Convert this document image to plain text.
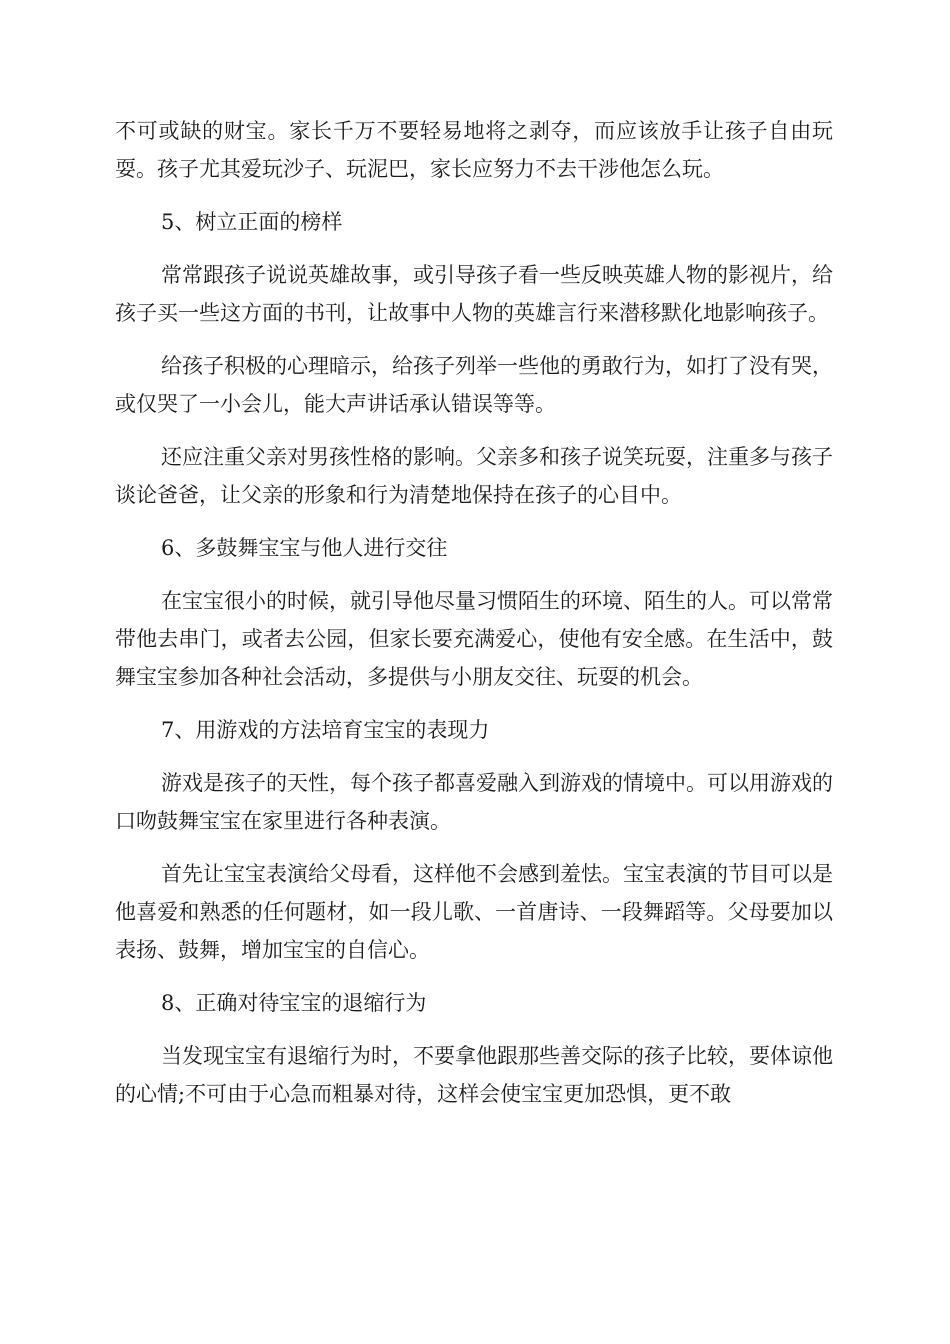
不可或缺的财宝。家长千万不要轻易地将之剥夺，而应该放手让孩子自由玩耍。孩子尤其爱玩沙子、玩泥巴，家长应努力不去干涉他怎么玩。

5、树立正面的榜样

常常跟孩子说说英雄故事，或引导孩子看一些反映英雄人物的影视片，给孩子买一些这方面的书刊，让故事中人物的英雄言行来潜移默化地影响孩子。

给孩子积极的心理暗示，给孩子列举一些他的勇敢行为，如打了没有哭，或仅哭了一小会儿，能大声讲话承认错误等等。

还应注重父亲对男孩性格的影响。父亲多和孩子说笑玩耍，注重多与孩子谈论爸爸，让父亲的形象和行为清楚地保持在孩子的心目中。

6、多鼓舞宝宝与他人进行交往

在宝宝很小的时候，就引导他尽量习惯陌生的环境、陌生的人。可以常常带他去串门，或者去公园，但家长要充满爱心，使他有安全感。在生活中，鼓舞宝宝参加各种社会活动，多提供与小朋友交往、玩耍的机会。

7、用游戏的方法培育宝宝的表现力

游戏是孩子的天性，每个孩子都喜爱融入到游戏的情境中。可以用游戏的口吻鼓舞宝宝在家里进行各种表演。

首先让宝宝表演给父母看，这样他不会感到羞怯。宝宝表演的节目可以是他喜爱和熟悉的任何题材，如一段儿歌、一首唐诗、一段舞蹈等。父母要加以表扬、鼓舞，增加宝宝的自信心。

8、正确对待宝宝的退缩行为

当发现宝宝有退缩行为时，不要拿他跟那些善交际的孩子比较，要体谅他的心情;不可由于心急而粗暴对待，这样会使宝宝更加恐惧，更不敢
